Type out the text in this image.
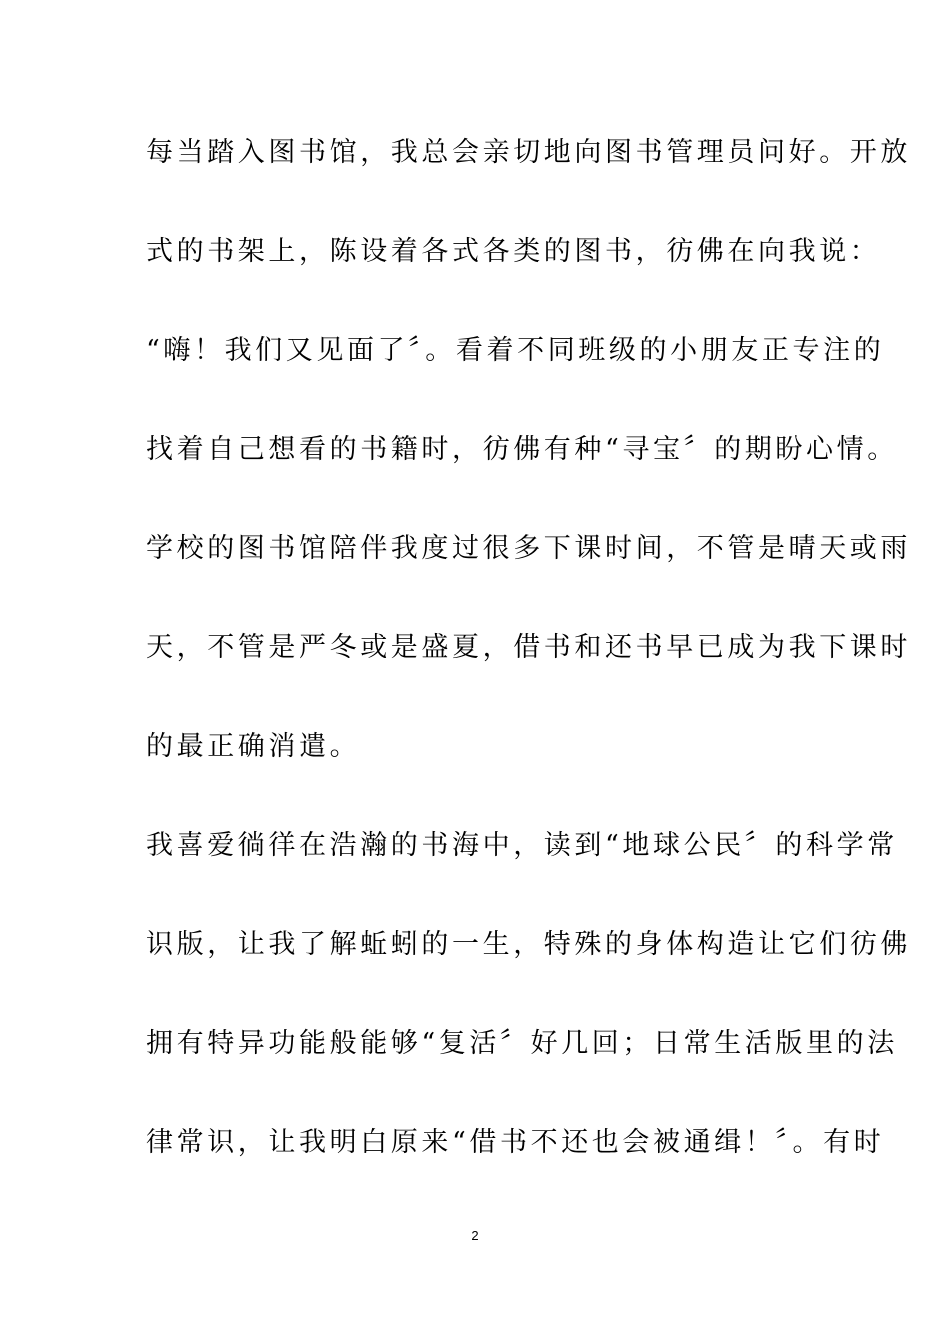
每当踏入图书馆，我总会亲切地向图书管理员问好。开放
式的书架上，陈设着各式各类的图书，彷佛在向我说：
“嗨！我们又见面了〞。看着不同班级的小朋友正专注的
找着自己想看的书籍时，彷佛有种“寻宝〞的期盼心情。
学校的图书馆陪伴我度过很多下课时间，不管是晴天或雨
天，不管是严冬或是盛夏，借书和还书早已成为我下课时
的最正确消遣。
我喜爱徜徉在浩瀚的书海中，读到“地球公民〞的科学常
识版，让我了解蚯蚓的一生，特殊的身体构造让它们彷佛
拥有特异功能般能够“复活〞好几回；日常生活版里的法
律常识，让我明白原来“借书不还也会被通缉！〞。有时
2
